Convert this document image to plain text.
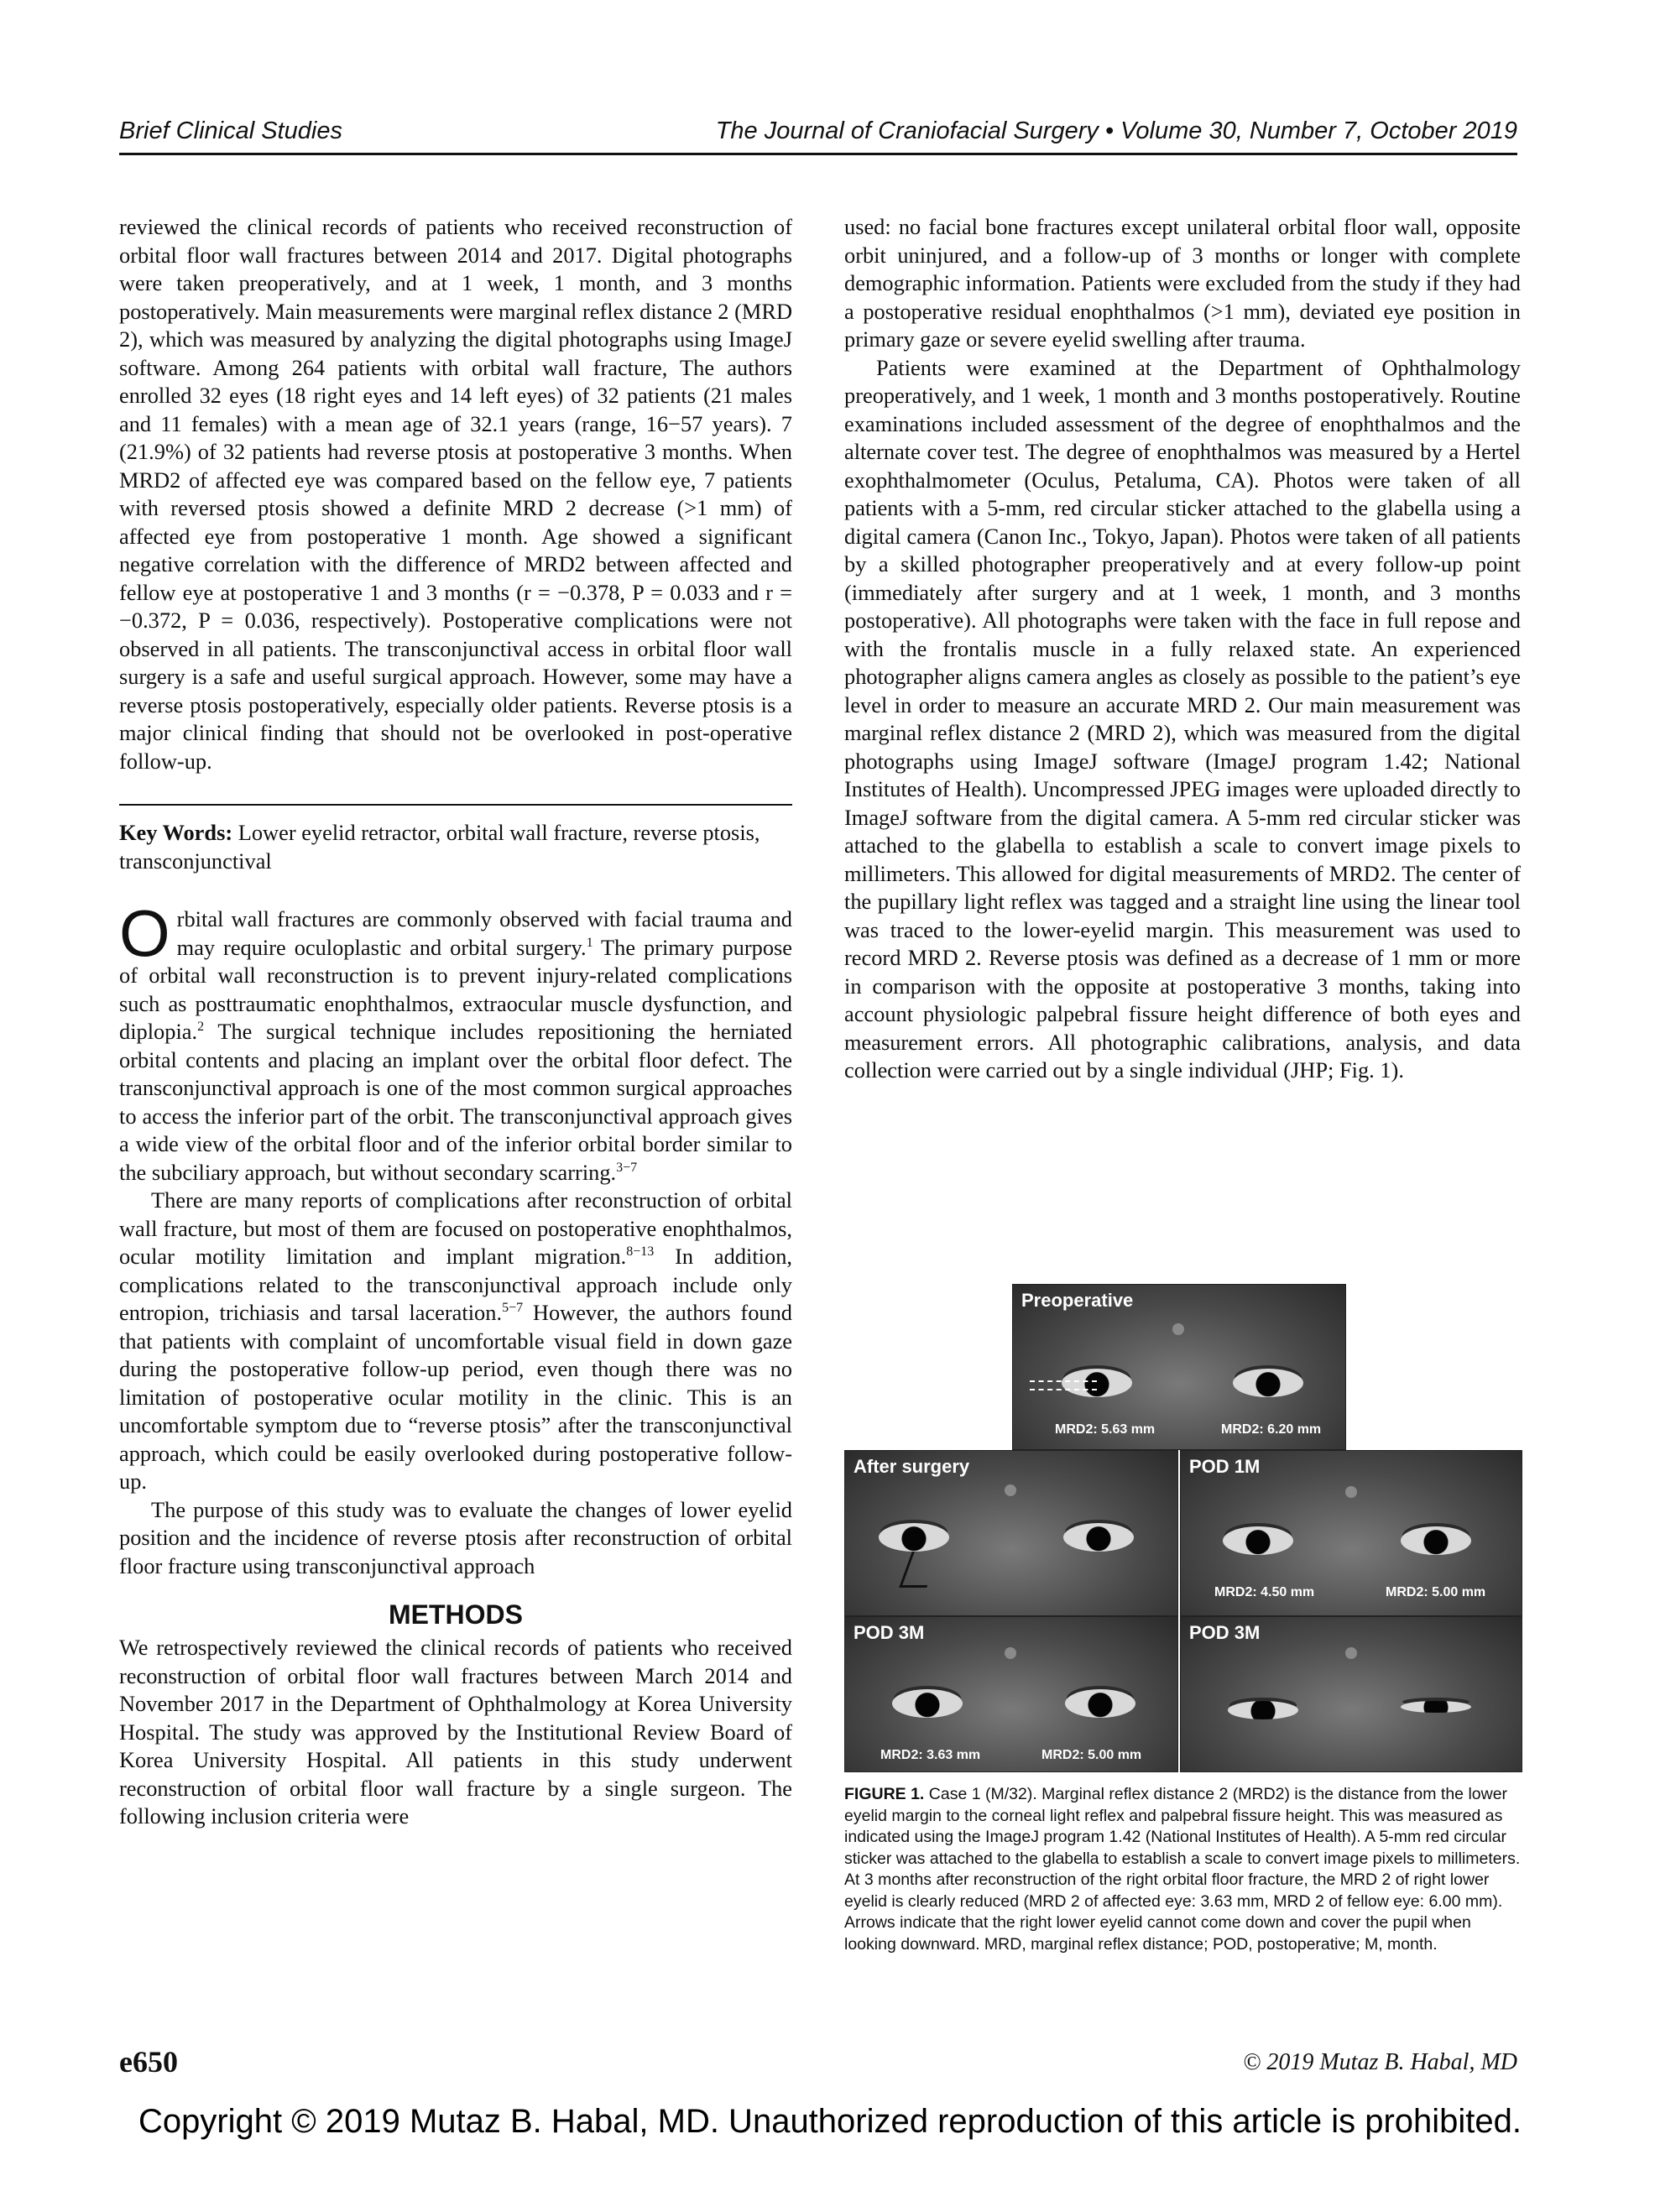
Brief Clinical Studies	The Journal of Craniofacial Surgery • Volume 30, Number 7, October 2019

reviewed the clinical records of patients who received reconstruction of orbital floor wall fractures between 2014 and 2017. Digital photographs were taken preoperatively, and at 1 week, 1 month, and 3 months postoperatively. Main measurements were marginal reflex distance 2 (MRD 2), which was measured by analyzing the digital photographs using ImageJ software. Among 264 patients with orbital wall fracture, The authors enrolled 32 eyes (18 right eyes and 14 left eyes) of 32 patients (21 males and 11 females) with a mean age of 32.1 years (range, 16−57 years). 7 (21.9%) of 32 patients had reverse ptosis at postoperative 3 months. When MRD2 of affected eye was compared based on the fellow eye, 7 patients with reversed ptosis showed a definite MRD 2 decrease (>1 mm) of affected eye from postoperative 1 month. Age showed a significant negative correlation with the difference of MRD2 between affected and fellow eye at postoperative 1 and 3 months (r = −0.378, P = 0.033 and r = −0.372, P = 0.036, respectively). Postoperative complications were not observed in all patients. The transconjunctival access in orbital floor wall surgery is a safe and useful surgical approach. However, some may have a reverse ptosis postoperatively, especially older patients. Reverse ptosis is a major clinical finding that should not be overlooked in post-operative follow-up.

Key Words: Lower eyelid retractor, orbital wall fracture, reverse ptosis, transconjunctival

Orbital wall fractures are commonly observed with facial trauma and may require oculoplastic and orbital surgery.$^1$ The primary purpose of orbital wall reconstruction is to prevent injury-related complications such as posttraumatic enophthalmos, extraocular muscle dysfunction, and diplopia.$^2$ The surgical technique includes repositioning the herniated orbital contents and placing an implant over the orbital floor defect. The transconjunctival approach is one of the most common surgical approaches to access the inferior part of the orbit. The transconjunctival approach gives a wide view of the orbital floor and of the inferior orbital border similar to the subciliary approach, but without secondary scarring.$^{3-7}$

There are many reports of complications after reconstruction of orbital wall fracture, but most of them are focused on postoperative enophthalmos, ocular motility limitation and implant migration.$^{8-13}$ In addition, complications related to the transconjunctival approach include only entropion, trichiasis and tarsal laceration.$^{5-7}$ However, the authors found that patients with complaint of uncomfortable visual field in down gaze during the postoperative follow-up period, even though there was no limitation of postoperative ocular motility in the clinic. This is an uncomfortable symptom due to “reverse ptosis” after the transconjunctival approach, which could be easily overlooked during postoperative follow-up.

The purpose of this study was to evaluate the changes of lower eyelid position and the incidence of reverse ptosis after reconstruction of orbital floor fracture using transconjunctival approach

METHODS

We retrospectively reviewed the clinical records of patients who received reconstruction of orbital floor wall fractures between March 2014 and November 2017 in the Department of Ophthalmology at Korea University Hospital. The study was approved by the Institutional Review Board of Korea University Hospital. All patients in this study underwent reconstruction of orbital floor wall fracture by a single surgeon. The following inclusion criteria were

used: no facial bone fractures except unilateral orbital floor wall, opposite orbit uninjured, and a follow-up of 3 months or longer with complete demographic information. Patients were excluded from the study if they had a postoperative residual enophthalmos (>1 mm), deviated eye position in primary gaze or severe eyelid swelling after trauma.

Patients were examined at the Department of Ophthalmology preoperatively, and 1 week, 1 month and 3 months postoperatively. Routine examinations included assessment of the degree of enophthalmos and the alternate cover test. The degree of enophthalmos was measured by a Hertel exophthalmometer (Oculus, Petaluma, CA). Photos were taken of all patients with a 5-mm, red circular sticker attached to the glabella using a digital camera (Canon Inc., Tokyo, Japan). Photos were taken of all patients by a skilled photographer preoperatively and at every follow-up point (immediately after surgery and at 1 week, 1 month, and 3 months postoperative). All photographs were taken with the face in full repose and with the frontalis muscle in a fully relaxed state. An experienced photographer aligns camera angles as closely as possible to the patient’s eye level in order to measure an accurate MRD 2. Our main measurement was marginal reflex distance 2 (MRD 2), which was measured from the digital photographs using ImageJ software (ImageJ program 1.42; National Institutes of Health). Uncompressed JPEG images were uploaded directly to ImageJ software from the digital camera. A 5-mm red circular sticker was attached to the glabella to establish a scale to convert image pixels to millimeters. This allowed for digital measurements of MRD2. The center of the pupillary light reflex was tagged and a straight line using the linear tool was traced to the lower-eyelid margin. This measurement was used to record MRD 2. Reverse ptosis was defined as a decrease of 1 mm or more in comparison with the opposite at postoperative 3 months, taking into account physiologic palpebral fissure height difference of both eyes and measurement errors. All photographic calibrations, analysis, and data collection were carried out by a single individual (JHP; Fig. 1).

Preoperative
MRD2: 5.63 mm	MRD2: 6.20 mm
After surgery	POD 1M
MRD2: 4.50 mm	MRD2: 5.00 mm
POD 3M
MRD2: 3.63 mm	MRD2: 5.00 mm
POD 3M
FIGURE 1. Case 1 (M/32). Marginal reflex distance 2 (MRD2) is the distance from the lower eyelid margin to the corneal light reflex and palpebral fissure height. This was measured as indicated using the ImageJ program 1.42 (National Institutes of Health). A 5-mm red circular sticker was attached to the glabella to establish a scale to convert image pixels to millimeters. At 3 months after reconstruction of the right orbital floor fracture, the MRD 2 of right lower eyelid is clearly reduced (MRD 2 of affected eye: 3.63 mm, MRD 2 of fellow eye: 6.00 mm). Arrows indicate that the right lower eyelid cannot come down and cover the pupil when looking downward. MRD, marginal reflex distance; POD, postoperative; M, month.
e650	© 2019 Mutaz B. Habal, MD
Copyright © 2019 Mutaz B. Habal, MD. Unauthorized reproduction of this article is prohibited.
